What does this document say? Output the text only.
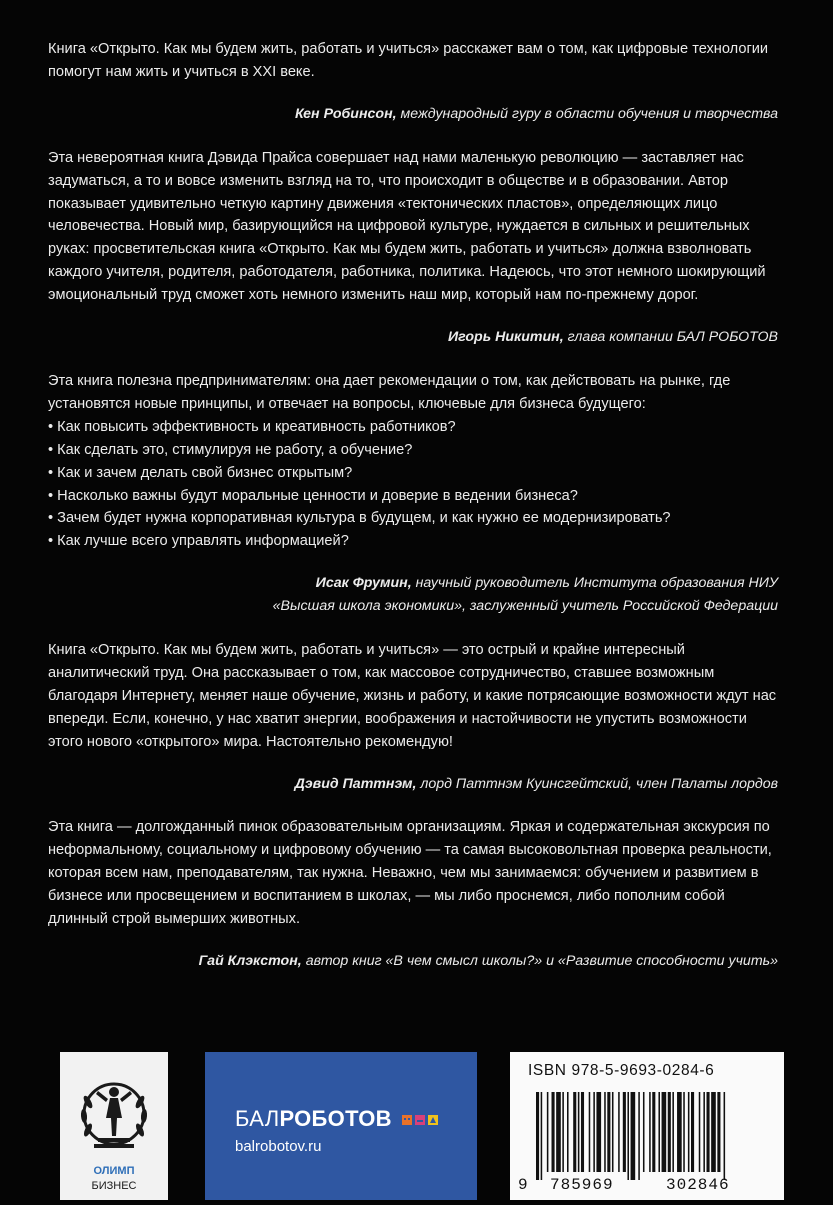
Книга «Открыто. Как мы будем жить, работать и учиться» расскажет вам о том, как цифровые технологии помогут нам жить и учиться в XXI веке.

Кен Робинсон, международный гуру в области обучения и творчества

Эта невероятная книга Дэвида Прайса совершает над нами маленькую революцию — заставляет нас задуматься, а то и вовсе изменить взгляд на то, что происходит в обществе и в образовании. Автор показывает удивительно четкую картину движения «тектонических пластов», определяющих лицо человечества. Новый мир, базирующийся на цифровой культуре, нуждается в сильных и решительных руках: просветительская книга «Открыто. Как мы будем жить, работать и учиться» должна взволновать каждого учителя, родителя, работодателя, работника, политика. Надеюсь, что этот немного шокирующий эмоциональный труд сможет хоть немного изменить наш мир, который нам по-прежнему дорог.

Игорь Никитин, глава компании БАЛ РОБОТОВ

Эта книга полезна предпринимателям: она дает рекомендации о том, как действовать на рынке, где установятся новые принципы, и отвечает на вопросы, ключевые для бизнеса будущего:

• Как повысить эффективность и креативность работников?
• Как сделать это, стимулируя не работу, а обучение?
• Как и зачем делать свой бизнес открытым?
• Насколько важны будут моральные ценности и доверие в ведении бизнеса?
• Зачем будет нужна корпоративная культура в будущем, и как нужно ее модернизировать?
• Как лучше всего управлять информацией?

Исак Фрумин, научный руководитель Института образования НИУ
«Высшая школа экономики», заслуженный учитель Российской Федерации

Книга «Открыто. Как мы будем жить, работать и учиться» — это острый и крайне интересный аналитический труд. Она рассказывает о том, как массовое сотрудничество, ставшее возможным благодаря Интернету, меняет наше обучение, жизнь и работу, и какие потрясающие возможности ждут нас впереди. Если, конечно, у нас хватит энергии, воображения и настойчивости не упустить возможности этого нового «открытого» мира. Настоятельно рекомендую!

Дэвид Паттнэм, лорд Паттнэм Куинсгейтский, член Палаты лордов

Эта книга — долгожданный пинок образовательным организациям. Яркая и содержательная экскурсия по неформальному, социальному и цифровому обучению — та самая высоковольтная проверка реальности, которая всем нам, преподавателям, так нужна. Неважно, чем мы занимаемся: обучением и развитием в бизнесе или просвещением и воспитанием в школах, — мы либо проснемся, либо пополним собой длинный строй вымерших животных.

Гай Клэкстон, автор книг «В чем смысл школы?» и «Развитие способности учить»

ОЛИМП
БИЗНЕС
БАЛРОБОТОВ
balrobotov.ru
ISBN 978-5-9693-0284-6
9 785969	302846
